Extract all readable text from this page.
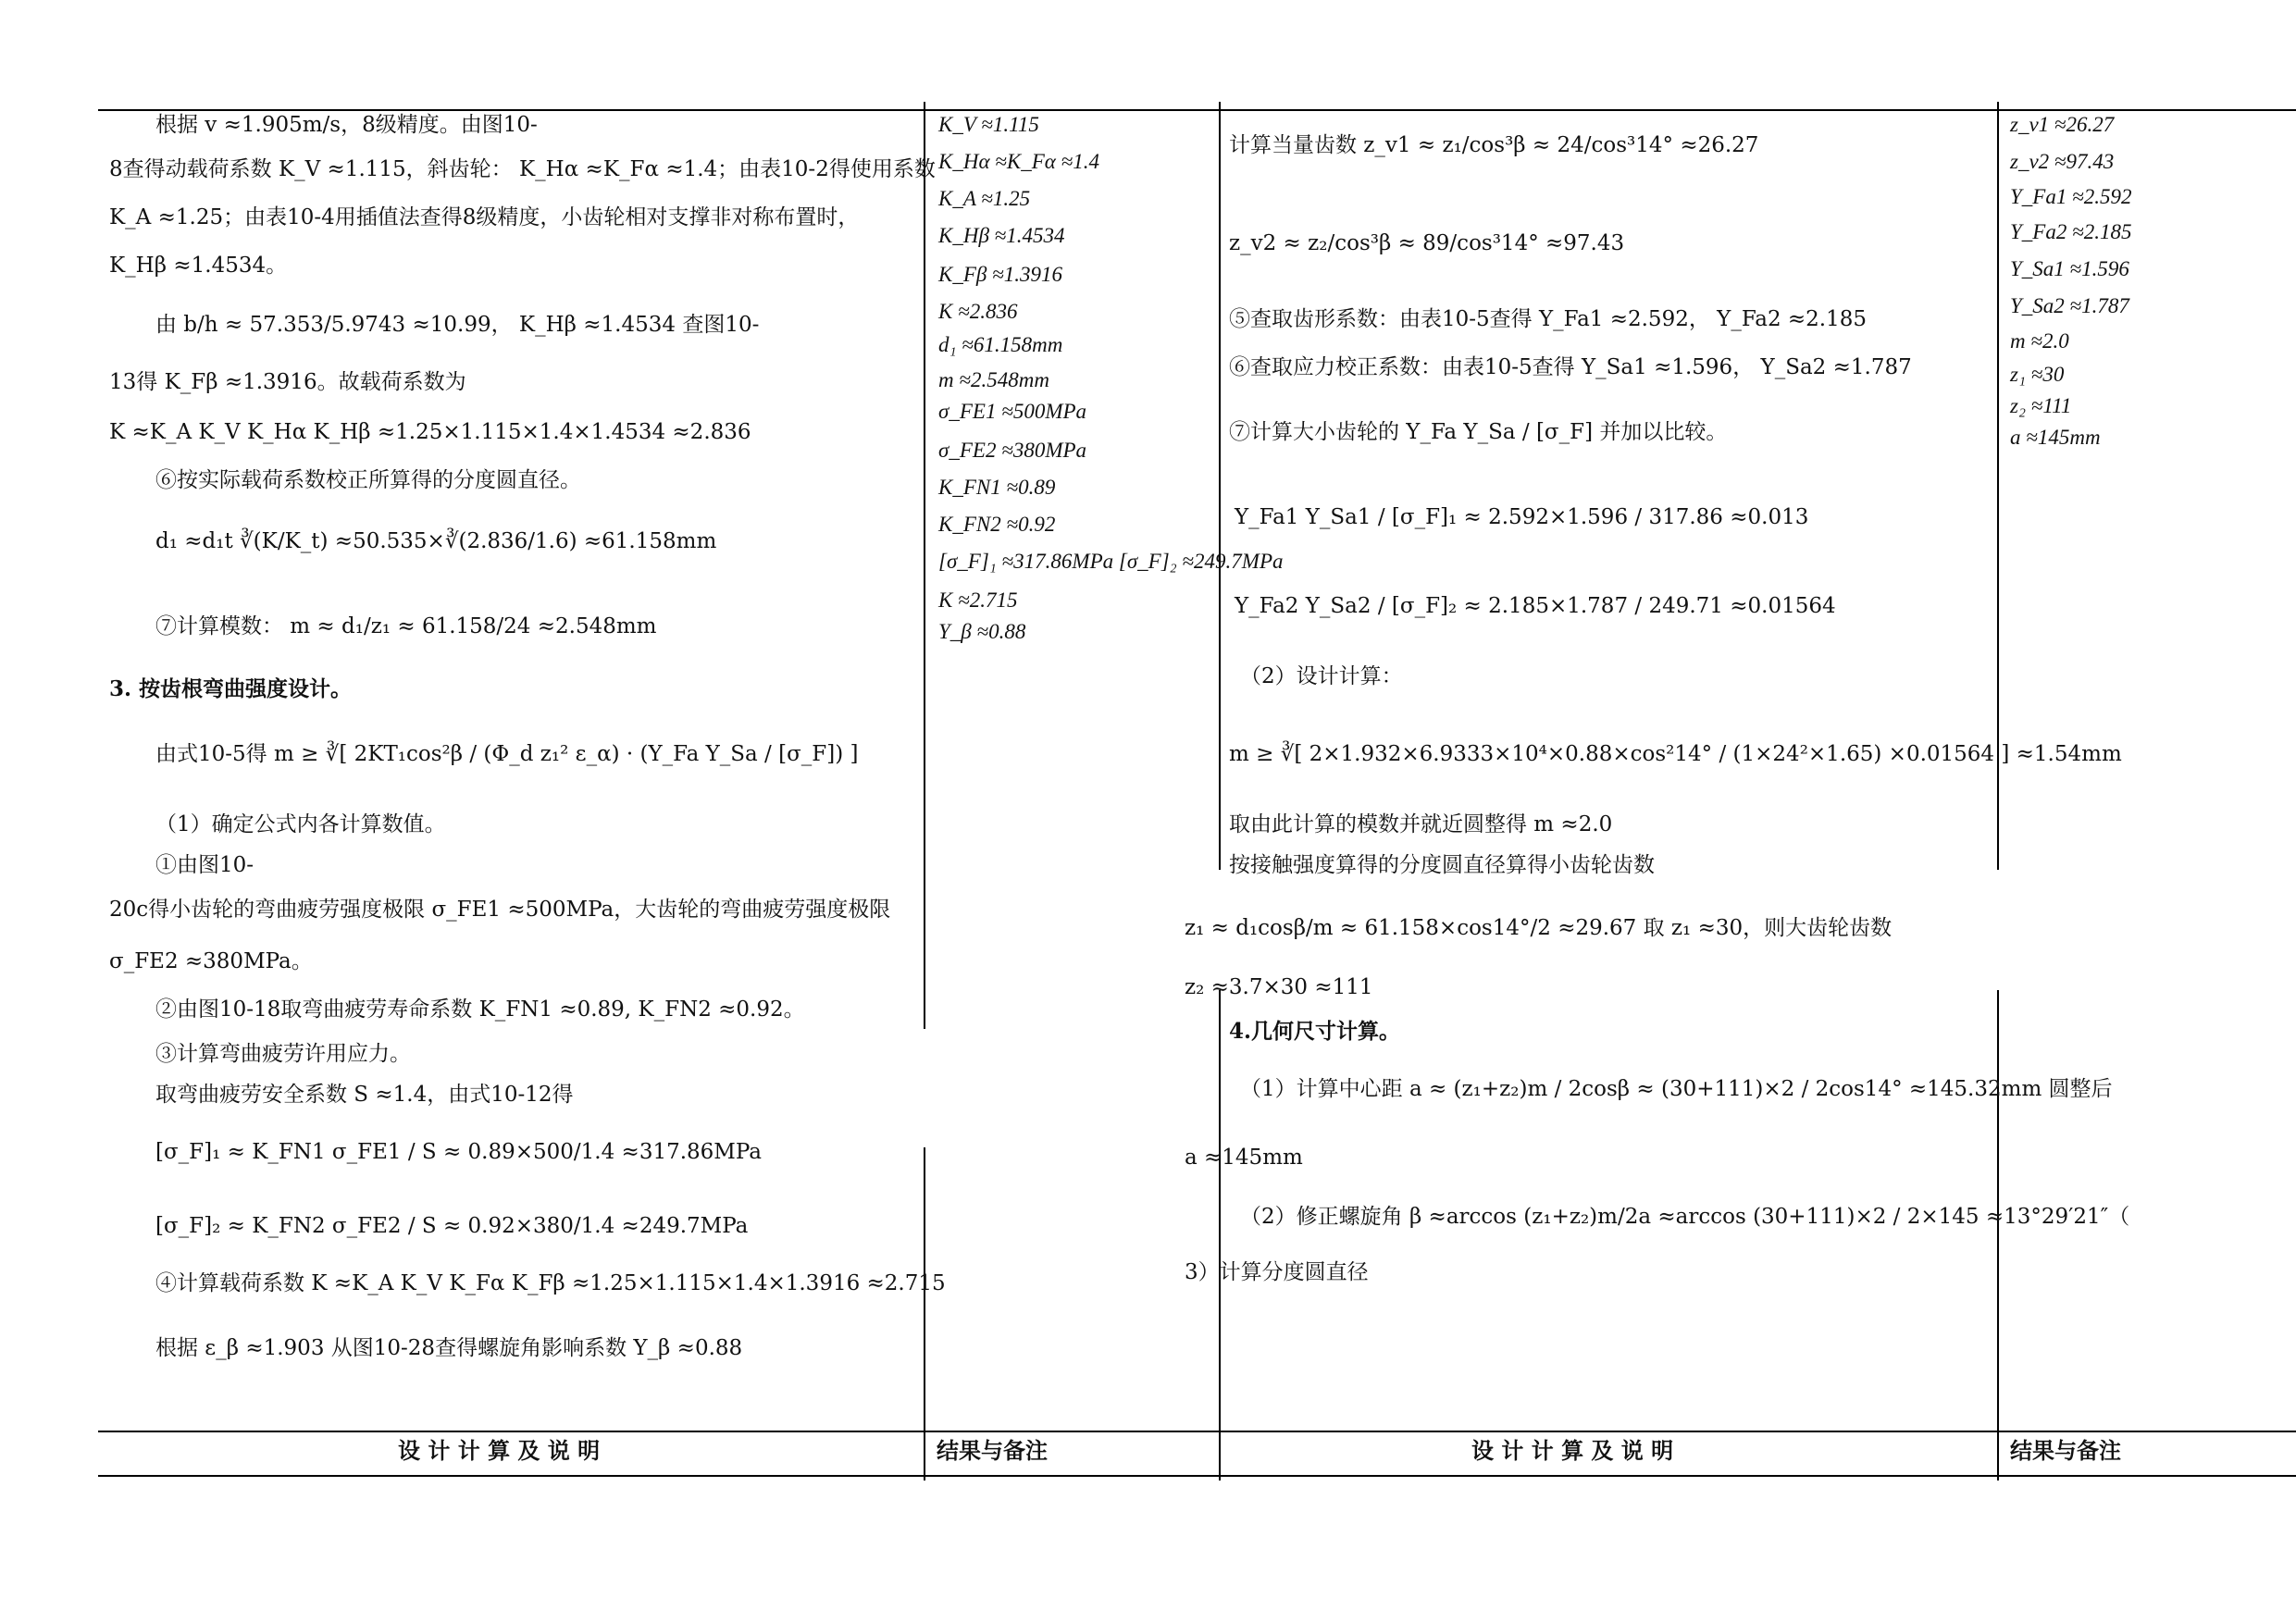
根据 v ≈1.905m/s，8级精度。由图10-
8查得动载荷系数 K_V ≈1.115，斜齿轮： K_Hα ≈K_Fα ≈1.4；由表10-2得使用系数
K_A ≈1.25；由表10-4用插值法查得8级精度，小齿轮相对支撑非对称布置时，
K_Hβ ≈1.4534。
由 b/h ≈ 57.353/5.9743 ≈10.99， K_Hβ ≈1.4534 查图10-
13得 K_Fβ ≈1.3916。故载荷系数为
K ≈K_A K_V K_Hα K_Hβ ≈1.25×1.115×1.4×1.4534 ≈2.836
⑥按实际载荷系数校正所算得的分度圆直径。
d₁ ≈d₁t ∛(K/K_t) ≈50.535×∛(2.836/1.6) ≈61.158mm
⑦计算模数： m ≈ d₁/z₁ ≈ 61.158/24 ≈2.548mm
3. 按齿根弯曲强度设计。
由式10-5得 m ≥ ∛[ 2KT₁cos²β / (Φ_d z₁² ε_α) · (Y_Fa Y_Sa / [σ_F]) ]
（1）确定公式内各计算数值。
①由图10-
20c得小齿轮的弯曲疲劳强度极限 σ_FE1 ≈500MPa，大齿轮的弯曲疲劳强度极限
σ_FE2 ≈380MPa。
②由图10-18取弯曲疲劳寿命系数 K_FN1 ≈0.89, K_FN2 ≈0.92。
③计算弯曲疲劳许用应力。
取弯曲疲劳安全系数 S ≈1.4，由式10-12得
[σ_F]₁ ≈ K_FN1 σ_FE1 / S ≈ 0.89×500/1.4 ≈317.86MPa
[σ_F]₂ ≈ K_FN2 σ_FE2 / S ≈ 0.92×380/1.4 ≈249.7MPa
④计算载荷系数 K ≈K_A K_V K_Fα K_Fβ ≈1.25×1.115×1.4×1.3916 ≈2.715
根据 ε_β ≈1.903 从图10-28查得螺旋角影响系数 Y_β ≈0.88
K_V ≈1.115
K_Hα ≈K_Fα ≈1.4
K_A ≈1.25
K_Hβ ≈1.4534
K_Fβ ≈1.3916
K ≈2.836
d₁ ≈61.158mm
m ≈2.548mm
σ_FE1 ≈500MPa
σ_FE2 ≈380MPa
K_FN1 ≈0.89
K_FN2 ≈0.92
[σ_F]₁ ≈317.86MPa [σ_F]₂ ≈249.7MPa
K ≈2.715
Y_β ≈0.88
计算当量齿数 z_v1 ≈ z₁/cos³β ≈ 24/cos³14° ≈26.27
z_v2 ≈ z₂/cos³β ≈ 89/cos³14° ≈97.43
⑤查取齿形系数：由表10-5查得 Y_Fa1 ≈2.592， Y_Fa2 ≈2.185
⑥查取应力校正系数：由表10-5查得 Y_Sa1 ≈1.596， Y_Sa2 ≈1.787
⑦计算大小齿轮的 Y_Fa Y_Sa / [σ_F] 并加以比较。
Y_Fa1 Y_Sa1 / [σ_F]₁ ≈ 2.592×1.596 / 317.86 ≈0.013
Y_Fa2 Y_Sa2 / [σ_F]₂ ≈ 2.185×1.787 / 249.71 ≈0.01564
（2）设计计算：
m ≥ ∛[ 2×1.932×6.9333×10⁴×0.88×cos²14° / (1×24²×1.65) ×0.01564 ] ≈1.54mm
取由此计算的模数并就近圆整得 m ≈2.0
按接触强度算得的分度圆直径算得小齿轮齿数
z₁ ≈ d₁cosβ/m ≈ 61.158×cos14°/2 ≈29.67 取 z₁ ≈30，则大齿轮齿数
z₂ ≈3.7×30 ≈111
4.几何尺寸计算。
（1）计算中心距 a ≈ (z₁+z₂)m / 2cosβ ≈ (30+111)×2 / 2cos14° ≈145.32mm 圆整后
a ≈145mm
（2）修正螺旋角 β ≈arccos (z₁+z₂)m/2a ≈arccos (30+111)×2 / 2×145 ≈13°29′21″（
3）计算分度圆直径
z_v1 ≈26.27
z_v2 ≈97.43
Y_Fa1 ≈2.592
Y_Fa2 ≈2.185
Y_Sa1 ≈1.596
Y_Sa2 ≈1.787
m ≈2.0
z₁ ≈30
z₂ ≈111
a ≈145mm
设 计 计 算 及 说 明	结果与备注	设 计 计 算 及 说 明	结果与备注
